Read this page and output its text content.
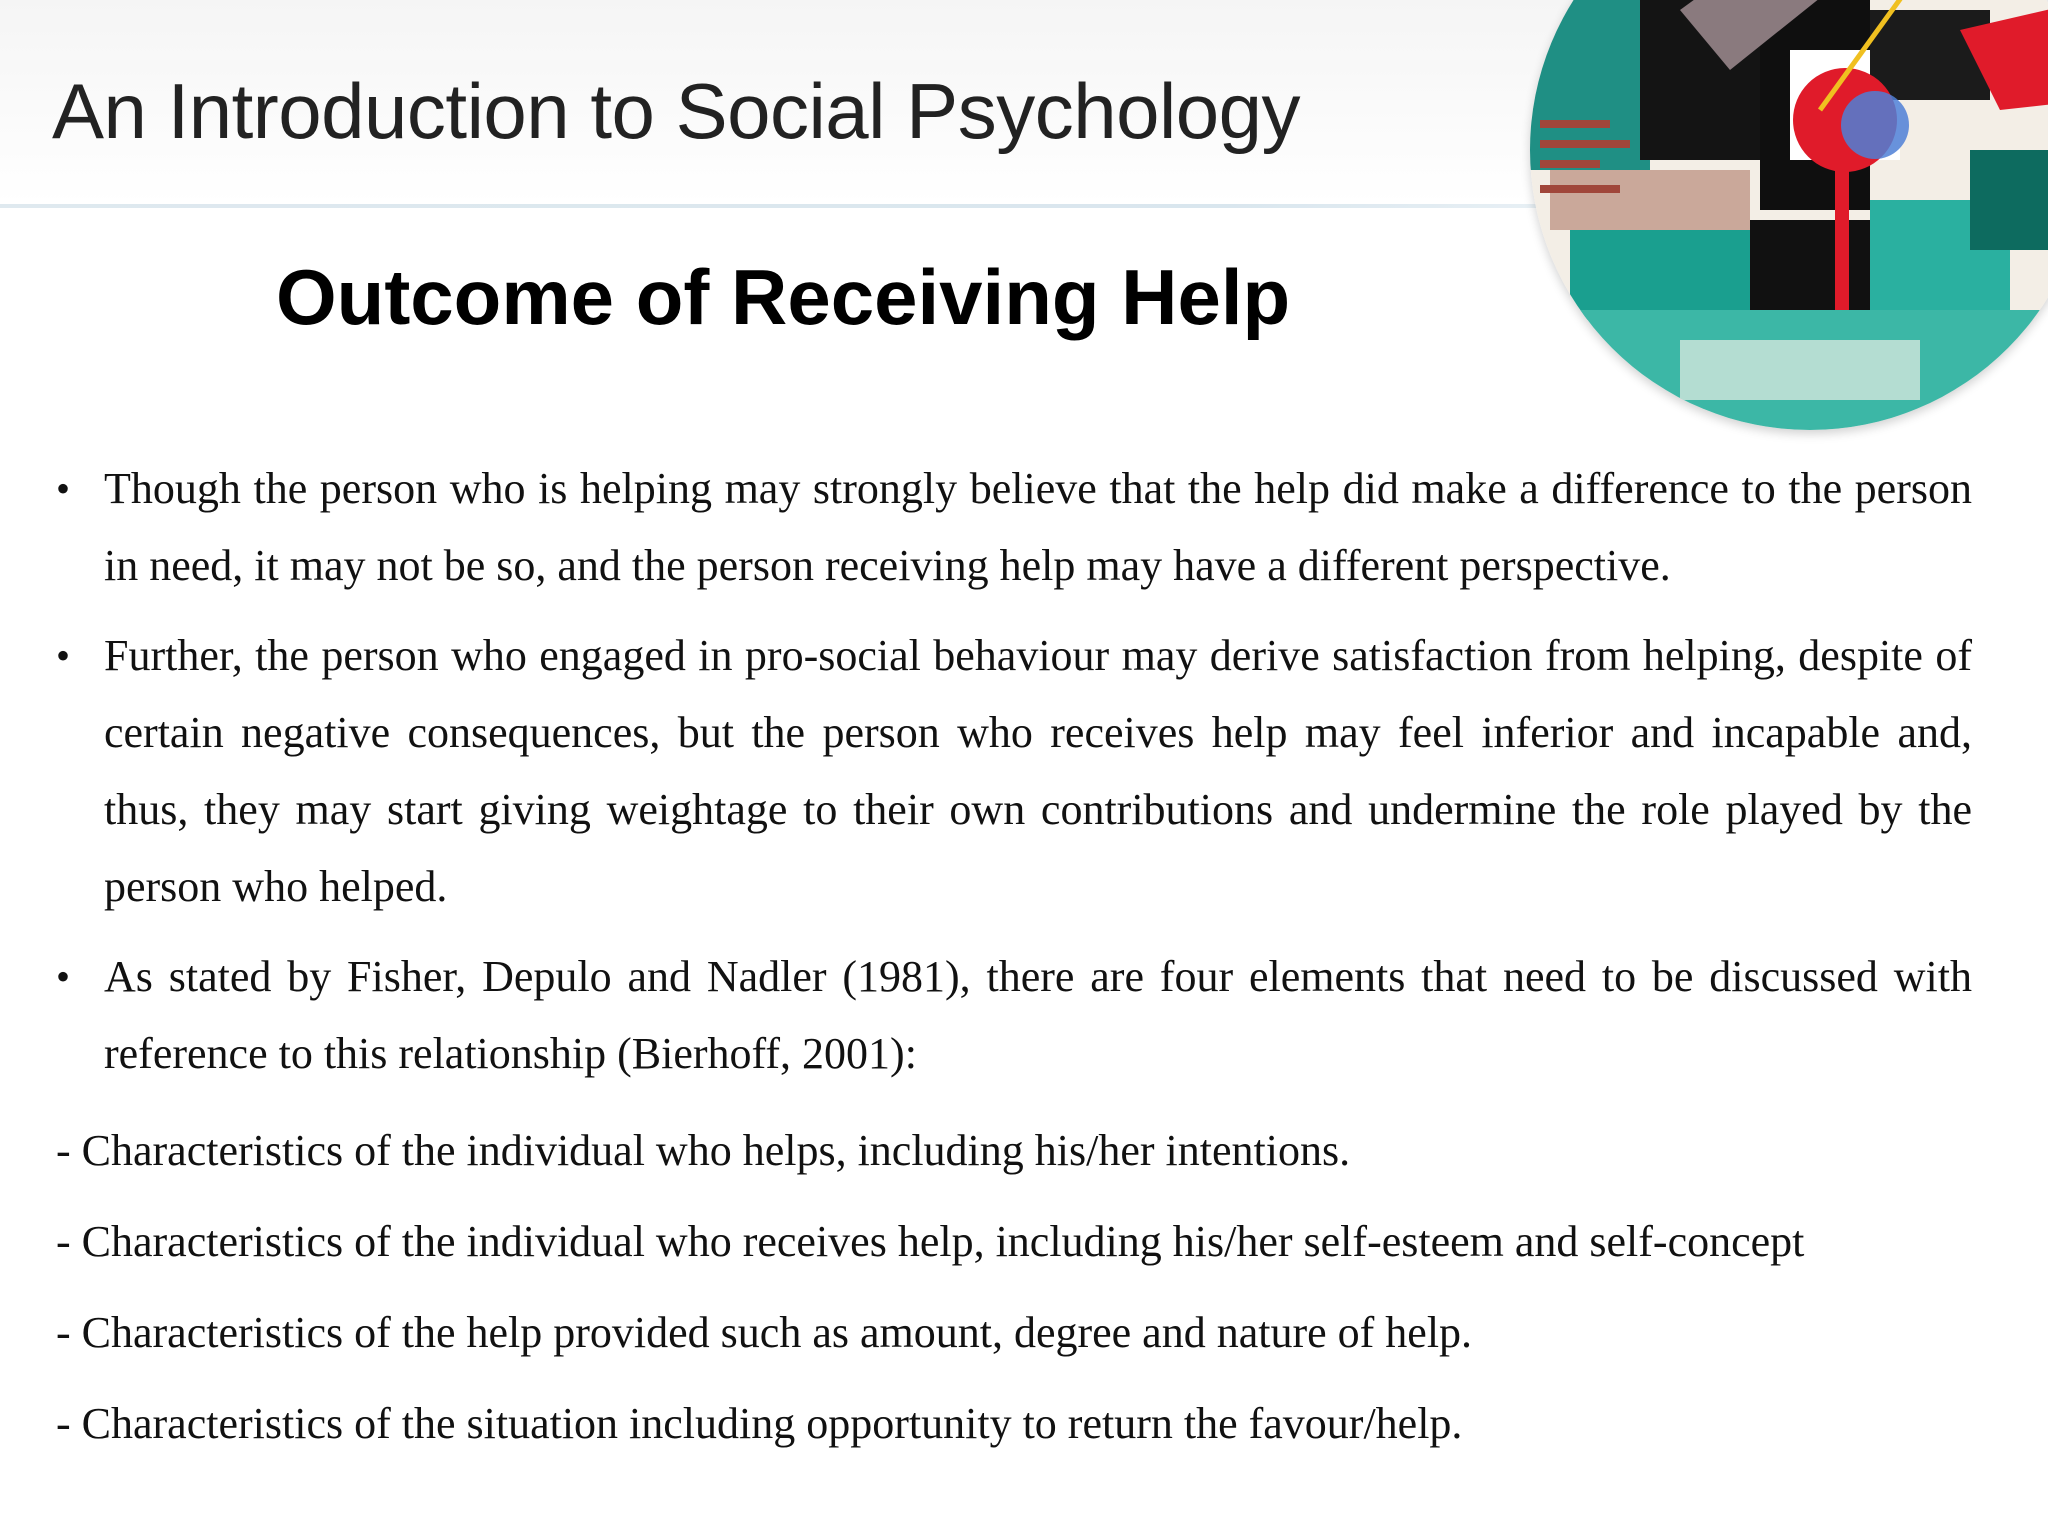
An Introduction to Social Psychology
Outcome of Receiving Help
• Though the person who is helping may strongly believe that the help did make a difference to the person in need, it may not be so, and the person receiving help may have a different perspective.
• Further, the person who engaged in pro-social behaviour may derive satisfaction from helping, despite of certain negative consequences, but the person who receives help may feel inferior and incapable and, thus, they may start giving weightage to their own contributions and undermine the role played by the person who helped.
• As stated by Fisher, Depulo and Nadler (1981), there are four elements that need to be discussed with reference to this relationship (Bierhoff, 2001):
- Characteristics of the individual who helps, including his/her intentions.
- Characteristics of the individual who receives help, including his/her self-esteem and self-concept
- Characteristics of the help provided such as amount, degree and nature of help.
- Characteristics of the situation including opportunity to return the favour/help.
